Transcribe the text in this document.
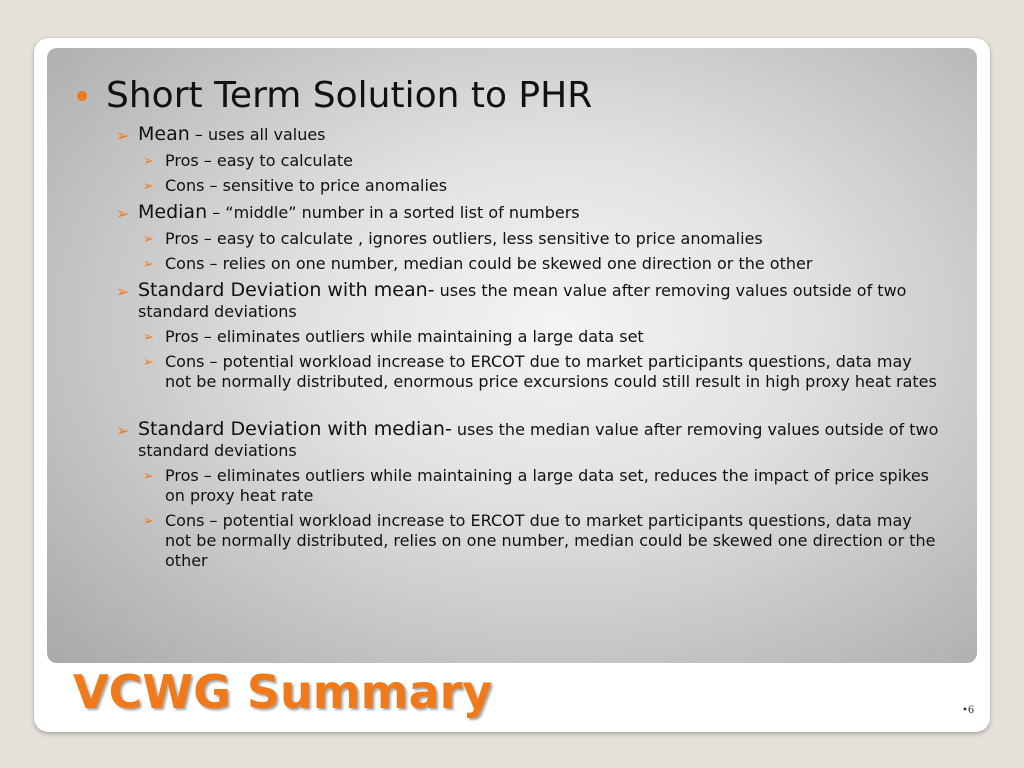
Short Term Solution to PHR
➢ Mean – uses all values
➢ Pros – easy to calculate
➢ Cons – sensitive to price anomalies
➢ Median – “middle” number in a sorted list of numbers
➢ Pros – easy to calculate , ignores outliers, less sensitive to price anomalies
➢ Cons – relies on one number, median could be skewed one direction or the other
➢ Standard Deviation with mean- uses the mean value after removing values outside of two standard deviations
➢ Pros – eliminates outliers while maintaining a large data set
➢ Cons – potential workload increase to ERCOT due to market participants questions, data may not be normally distributed, enormous price excursions could still result in high proxy heat rates
➢ Standard Deviation with median- uses the median value after removing values outside of two standard deviations
➢ Pros – eliminates outliers while maintaining a large data set, reduces the impact of price spikes on proxy heat rate
➢ Cons – potential workload increase to ERCOT due to market participants questions, data may not be normally distributed, relies on one number, median could be skewed one direction or the other
VCWG Summary	•6
